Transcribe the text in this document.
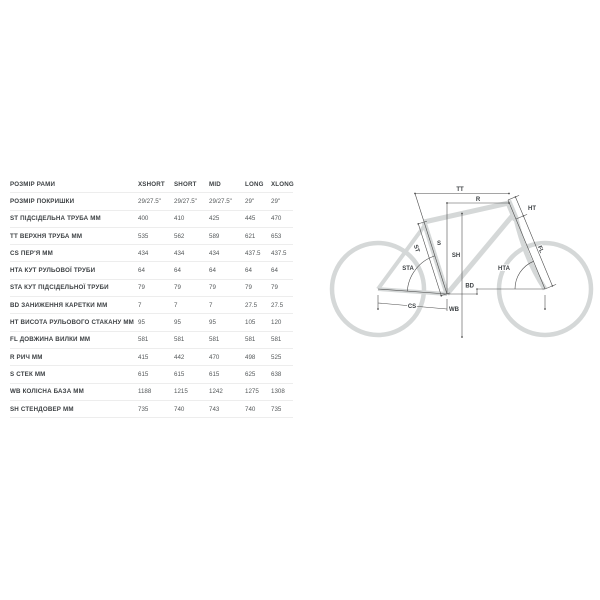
РОЗМІР РАМИ	XSHORT	SHORT	MID	LONG	XLONG
РОЗМІР ПОКРИШКИ	29/27.5"	29/27.5"	29/27.5"	29"	29"
ST ПІДСІДЕЛЬНА ТРУБА ММ	400	410	425	445	470
TT ВЕРХНЯ ТРУБА ММ	535	562	589	621	653
CS ПЕР'Я ММ	434	434	434	437.5	437.5
HTA КУТ РУЛЬОВОЇ ТРУБИ	64	64	64	64	64
STA КУТ ПІДСІДЕЛЬНОЇ ТРУБИ	79	79	79	79	79
BD ЗАНИЖЕННЯ КАРЕТКИ ММ	7	7	7	27.5	27.5
HT ВИСОТА РУЛЬОВОГО СТАКАНУ ММ 95	95	95	105	120
FL ДОВЖИНА ВИЛКИ ММ	581	581	581	581	581
R РИЧ ММ	415	442	470	498	525
S СТЕК ММ	615	615	615	625	638
WB КОЛІСНА БАЗА ММ	1188	1215	1242	1275	1308
SH СТЕНДОВЕР ММ	735	740	743	740	735
TT
R
HT
S
SH
WB
BD
CS
STA	HTA
ST	FL
